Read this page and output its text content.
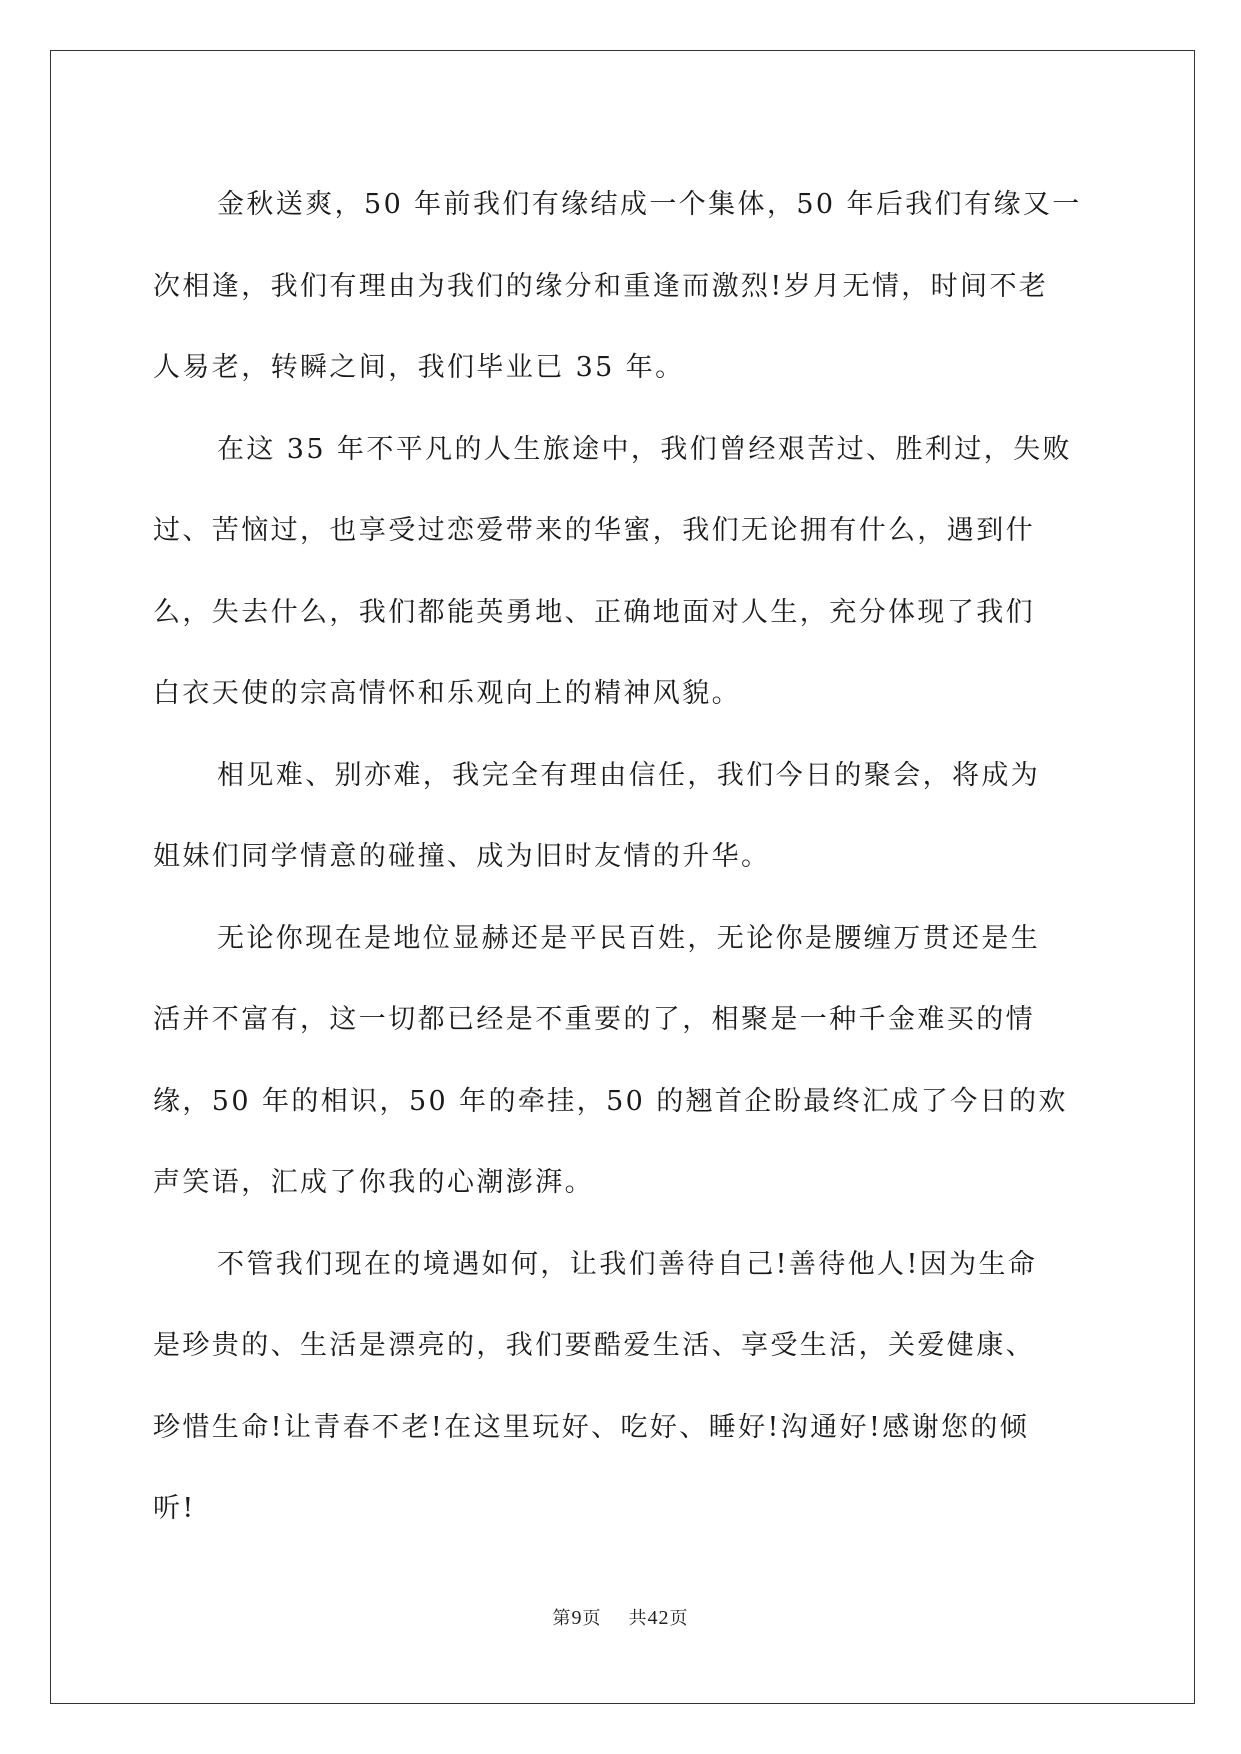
金秋送爽，50 年前我们有缘结成一个集体，50 年后我们有缘又一
次相逢，我们有理由为我们的缘分和重逢而激烈!岁月无情，时间不老
人易老，转瞬之间，我们毕业已 35 年。

在这 35 年不平凡的人生旅途中，我们曾经艰苦过、胜利过，失败
过、苦恼过，也享受过恋爱带来的华蜜，我们无论拥有什么，遇到什
么，失去什么，我们都能英勇地、正确地面对人生，充分体现了我们
白衣天使的宗高情怀和乐观向上的精神风貌。

相见难、别亦难，我完全有理由信任，我们今日的聚会，将成为
姐妹们同学情意的碰撞、成为旧时友情的升华。

无论你现在是地位显赫还是平民百姓，无论你是腰缠万贯还是生
活并不富有，这一切都已经是不重要的了，相聚是一种千金难买的情
缘，50 年的相识，50 年的牵挂，50 的翘首企盼最终汇成了今日的欢
声笑语，汇成了你我的心潮澎湃。

不管我们现在的境遇如何，让我们善待自己!善待他人!因为生命
是珍贵的、生活是漂亮的，我们要酷爱生活、享受生活，关爱健康、
珍惜生命!让青春不老!在这里玩好、吃好、睡好!沟通好!感谢您的倾
听!

第9页 共42页
